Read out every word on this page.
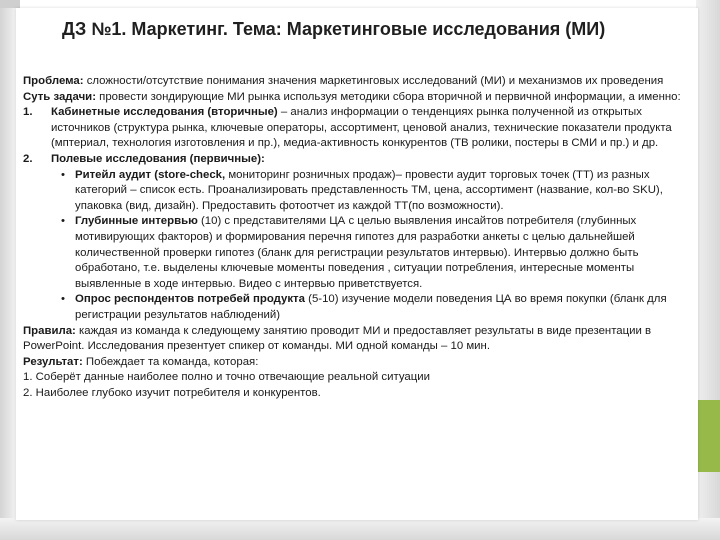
ДЗ №1. Маркетинг. Тема: Маркетинговые исследования (МИ)

Проблема: сложности/отсутствие понимания значения маркетинговых исследований (МИ) и механизмов их проведения

Суть задачи: провести зондирующие МИ рынка используя методики сбора вторичной и первичной информации, а именно:

1. Кабинетные исследования (вторичные) – анализ информации о тенденциях рынка полученной из открытых источников (структура рынка, ключевые операторы, ассортимент, ценовой анализ, технические показатели продукта (мптериал, технология изготовления и пр.), медиа-активность конкурентов (ТВ ролики, постеры в СМИ и пр.) и др.

2. Полевые исследования (первичные):

• Ритейл аудит (store-check, мониторинг розничных продаж)– провести аудит торговых точек (ТТ) из разных категорий – список есть. Проанализировать представленность ТМ, цена, ассортимент (название, кол-во SKU), упаковка (вид, дизайн). Предоставить фотоотчет из каждой ТТ(по возможности).

• Глубинные интервью (10) с представителями ЦА с целью выявления инсайтов потребителя (глубинных мотивирующих факторов) и формирования перечня гипотез для разработки анкеты с целью дальнейшей количественной проверки гипотез (бланк для регистрации результатов интервью). Интервью должно быть обработано, т.е. выделены ключевые моменты поведения , ситуации потребления, интересные моменты выявленные в ходе интервью. Видео с интервью приветствуется.

• Опрос респондентов потребей продукта (5-10) изучение модели поведения ЦА во время покупки (бланк для регистрации результатов наблюдений)

Правила: каждая из команда к следующему занятию проводит МИ и предоставляет результаты в виде презентации в PowerPoint. Исследования презентует спикер от команды. МИ одной команды – 10 мин.

Результат: Побеждает та команда, которая:

1. Соберёт данные наиболее полно и точно отвечающие реальной ситуации

2. Наиболее глубоко изучит потребителя и конкурентов.
